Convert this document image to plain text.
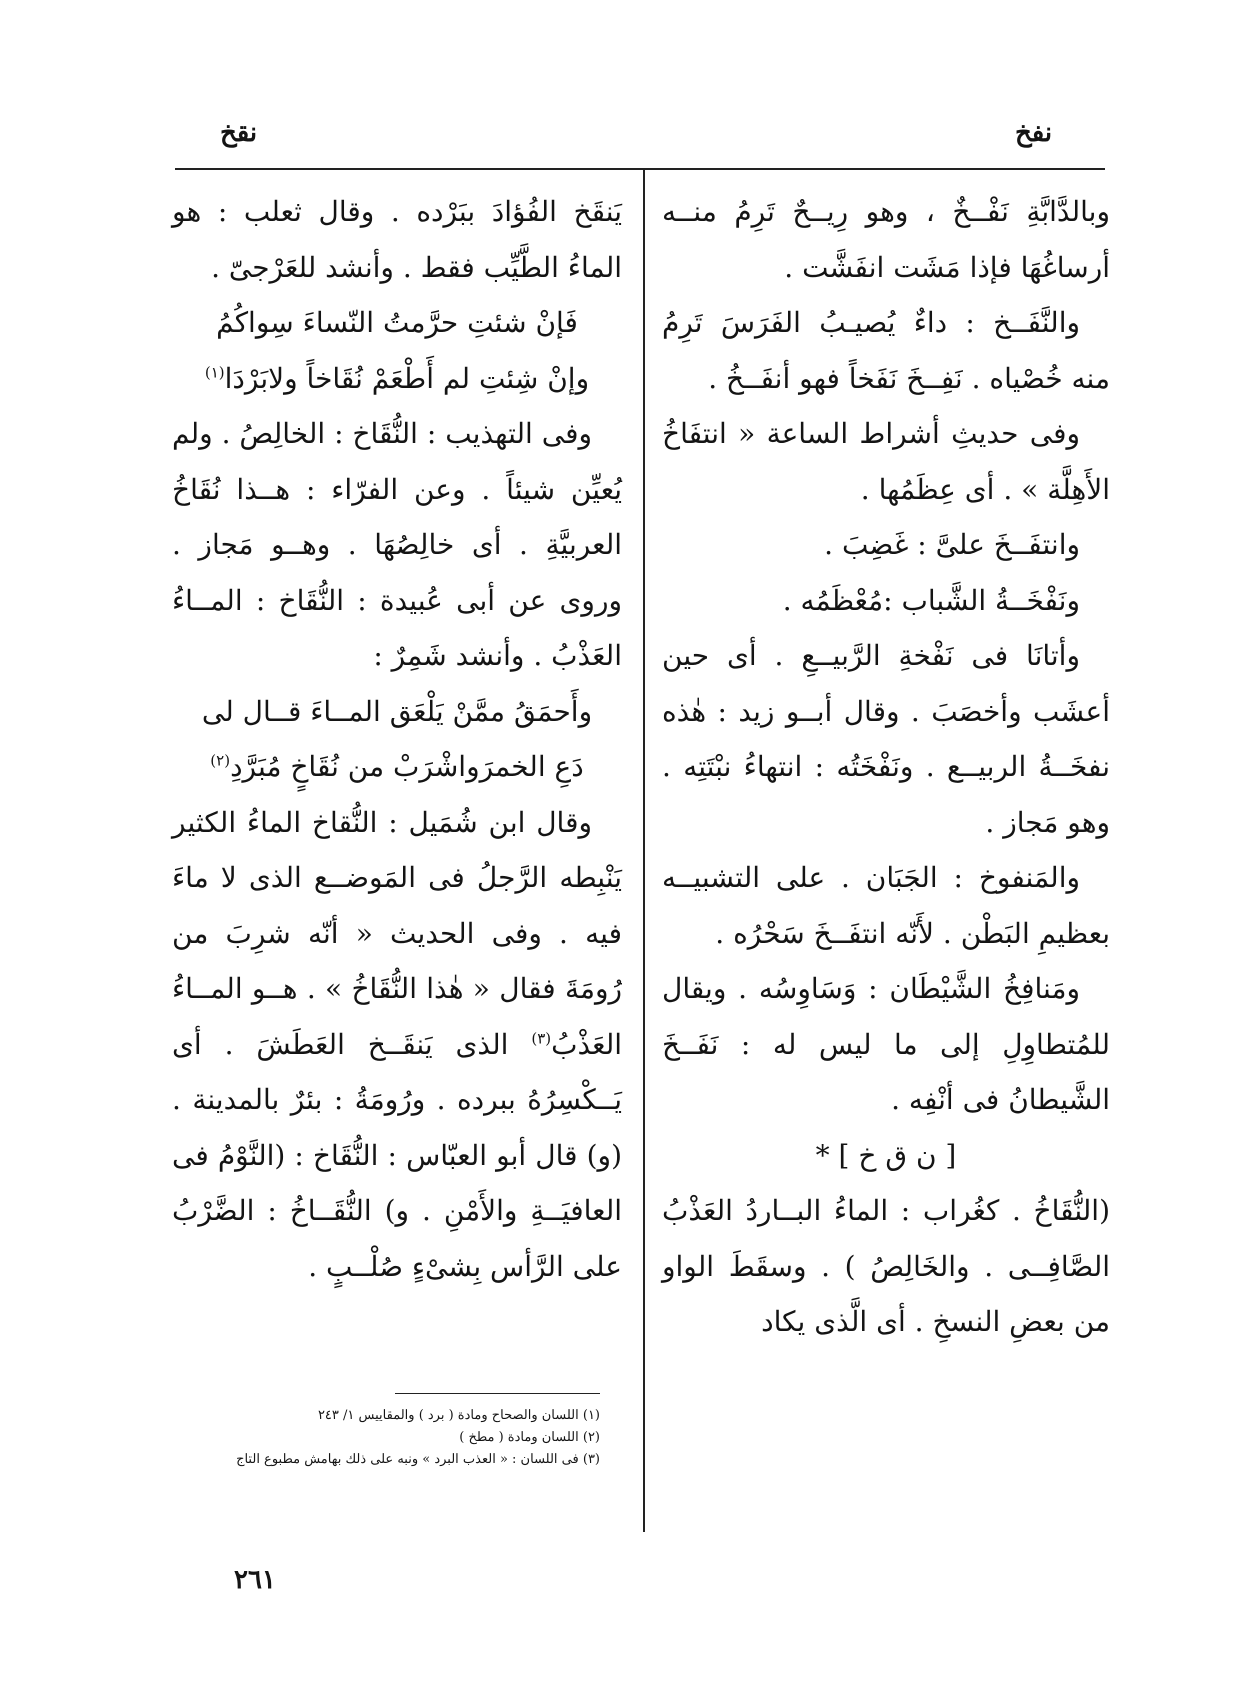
نفخ
نقخ

وبالدَّابَّةِ نَفْــخٌ ، وهو رِيــحٌ تَرِمُ منــه أرساغُهَا فإذا مَشَت انفَشَّت .

والنَّفَــخ : داءٌ يُصيـبُ الفَرَسَ تَرِمُ منه خُصْياه . نَفِــخَ نَفَخاً فهو أنفَــخُ .

وفى حديثِ أشراط الساعة « انتفَاخُ الأَهِلَّة » . أى عِظَمُها .

وانتفَــخَ علىَّ : غَضِبَ .

ونَفْخَــةُ الشَّباب :مُعْظَمُه .

وأتانَا فى نَفْخةِ الرَّبيــعِ . أى حين أعشَب وأخصَبَ . وقال أبــو زيد : هٰذه نفخَــةُ الربيــع . ونَفْخَتُه : انتهاءُ نبْتَتِه . وهو مَجاز .

والمَنفوخ : الجَبَان . على التشبيــه بعظيمِ البَطْن . لأَنّه انتفَــخَ سَحْرُه .

ومَنافِخُ الشَّيْطَان : وَسَاوِسُه . ويقال للمُتطاوِلِ إلى ما ليس له : نَفَــخَ الشَّيطانُ فى أنْفِه .

[ ن ق خ ] *

(النُّقَاخُ . كغُراب : الماءُ البــاردُ العَذْبُ الصَّافِــى . والخَالِصُ ) . وسقَطَ الواو من بعضِ النسخِ . أى الَّذى يكاد

يَنقَخ الفُؤادَ ببَرْده . وقال ثعلب : هو الماءُ الطَّيِّب فقط . وأنشد للعَرْجىّ .

فَإنْ شئتِ حرَّمتُ النّساءَ سِواكُمُ

وإنْ شِئتِ لم أَطْعَمْ نُقَاخاً ولابَرْدَا$^{(١)}$

وفى التهذيب : النُّقَاخ : الخالِصُ . ولم يُعيِّن شيئاً . وعن الفرّاء : هــذا نُقَاخُ العربيَّةِ . أى خالِصُهَا . وهــو مَجاز . وروى عن أبى عُبيدة : النُّقَاخ : المــاءُ العَذْبُ . وأنشد شَمِرٌ :

وأَحمَقُ ممَّنْ يَلْعَق المــاءَ قــال لى

دَعِ الخمرَواشْرَبْ من نُقَاخٍ مُبَرَّدِ$^{(٢)}$

وقال ابن شُمَيل : النُّقاخ الماءُ الكثير يَنْبِطه الرَّجلُ فى المَوضــع الذى لا ماءَ فيه . وفى الحديث « أنّه شرِبَ من رُومَةَ فقال « هٰذا النُّقَاخُ » . هــو المــاءُ العَذْبُ$^{(٣)}$ الذى يَنقَــخ العَطَشَ . أى يَــكْسِرُهُ ببرده . ورُومَةُ : بئرٌ بالمدينة . (و) قال أبو العبّاس : النُّقَاخ : (النَّوْمُ فى العافيَــةِ والأَمْنِ . و) النُّقَــاخُ : الضَّرْبُ على الرَّأس بِشىْءٍ صُلْــبٍ .

(١) اللسان والصحاح ومادة ( برد ) والمقاييس ١/ ٢٤٣
(٢) اللسان ومادة ( مطخ )
(٣) فى اللسان : « العذب البرد » ونبه على ذلك بهامش مطبوع التاج
٢٦١
